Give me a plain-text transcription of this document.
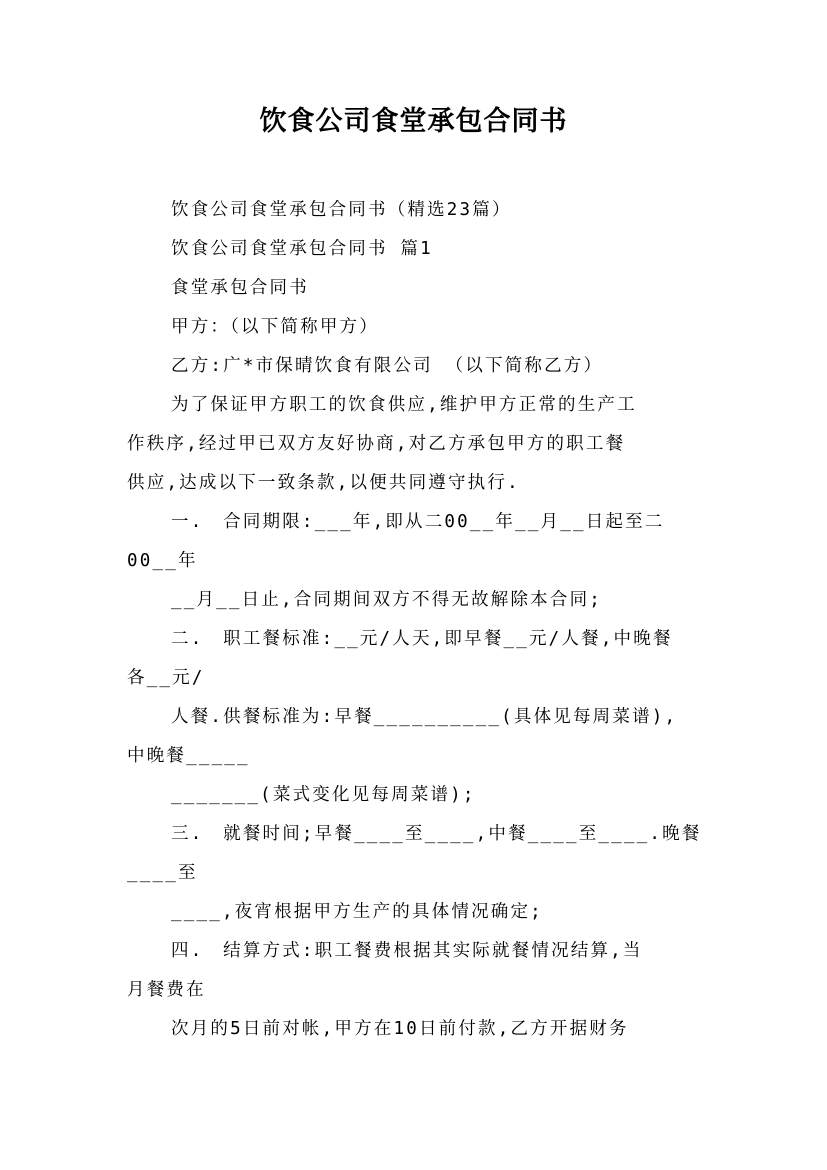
饮食公司食堂承包合同书
饮食公司食堂承包合同书（精选23篇）
饮食公司食堂承包合同书 篇1
食堂承包合同书
甲方：（以下简称甲方）
乙方:广*市保晴饮食有限公司 （以下简称乙方）
为了保证甲方职工的饮食供应,维护甲方正常的生产工
作秩序,经过甲已双方友好协商,对乙方承包甲方的职工餐
供应,达成以下一致条款,以便共同遵守执行.
一.　合同期限:___年,即从二00__年__月__日起至二
00__年
__月__日止,合同期间双方不得无故解除本合同;
二.　职工餐标准:__元/人天,即早餐__元/人餐,中晚餐
各__元/
人餐.供餐标准为:早餐__________(具体见每周菜谱),
中晚餐_____
_______(菜式变化见每周菜谱);
三.　就餐时间;早餐____至____,中餐____至____.晚餐
____至
____,夜宵根据甲方生产的具体情况确定;
四.　结算方式:职工餐费根据其实际就餐情况结算,当
月餐费在
次月的5日前对帐,甲方在10日前付款,乙方开据财务
